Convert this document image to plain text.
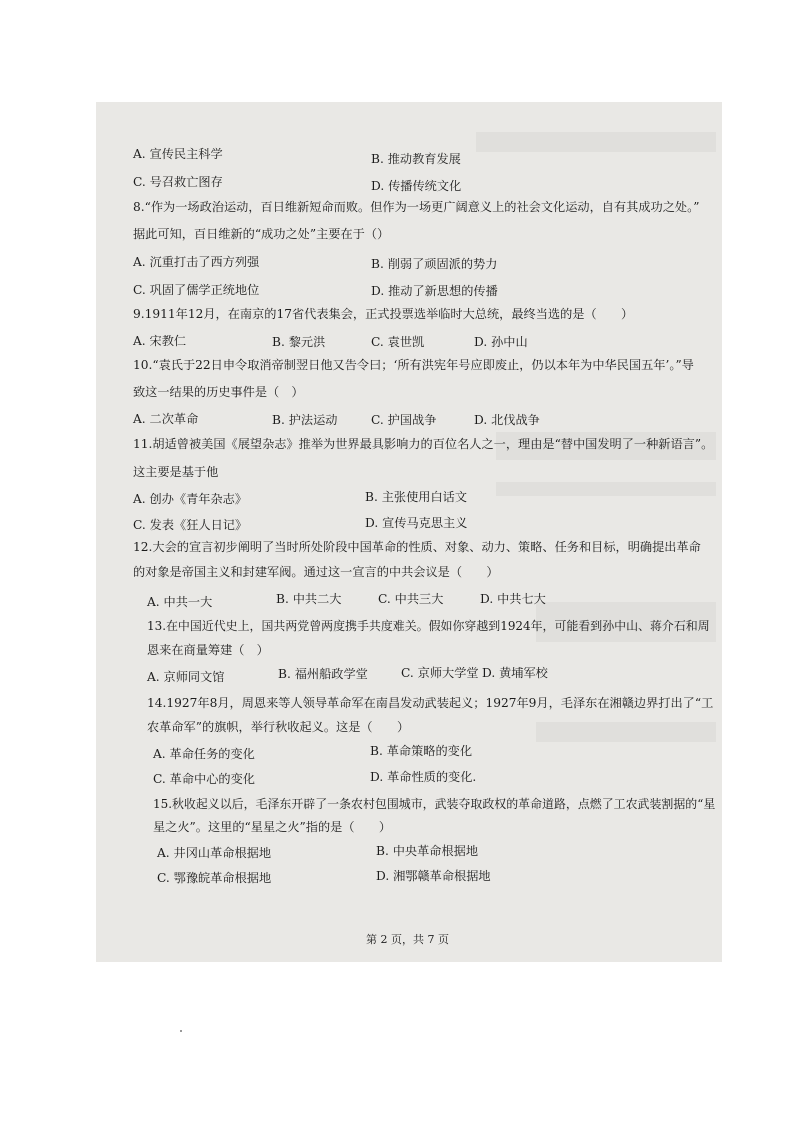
A. 宣传民主科学	B. 推动教育发展
C. 号召救亡图存	D. 传播传统文化
8.“作为一场政治运动，百日维新短命而败。但作为一场更广阔意义上的社会文化运动，自有其成功之处。”
据此可知，百日维新的“成功之处”主要在于（）
A. 沉重打击了西方列强	B. 削弱了顽固派的势力
C. 巩固了儒学正统地位	D. 推动了新思想的传播
9.1911年12月，在南京的17省代表集会，正式投票选举临时大总统，最终当选的是（　　）
A. 宋教仁	B. 黎元洪	C. 袁世凯	D. 孙中山
10.“袁氏于22日申令取消帝制翌日他又告令曰；‘所有洪宪年号应即废止，仍以本年为中华民国五年’。”导
致这一结果的历史事件是（　）
A. 二次革命	B. 护法运动	C. 护国战争	D. 北伐战争
11.胡适曾被美国《展望杂志》推举为世界最具影响力的百位名人之一，理由是“替中国发明了一种新语言”。
这主要是基于他
A. 创办《青年杂志》	B. 主张使用白话文
C. 发表《狂人日记》	D. 宣传马克思主义
12.大会的宣言初步阐明了当时所处阶段中国革命的性质、对象、动力、策略、任务和目标，明确提出革命
的对象是帝国主义和封建军阀。通过这一宣言的中共会议是（　　）
A. 中共一大	B. 中共二大	C. 中共三大	D. 中共七大
13.在中国近代史上，国共两党曾两度携手共度难关。假如你穿越到1924年，可能看到孙中山、蒋介石和周
恩来在商量筹建（　）
A. 京师同文馆	B. 福州船政学堂	C. 京师大学堂 D. 黄埔军校
14.1927年8月，周恩来等人领导革命军在南昌发动武装起义；1927年9月，毛泽东在湘赣边界打出了“工
农革命军”的旗帜，举行秋收起义。这是（　　）
A. 革命任务的变化	B. 革命策略的变化
C. 革命中心的变化	D. 革命性质的变化.
15.秋收起义以后，毛泽东开辟了一条农村包围城市，武装夺取政权的革命道路，点燃了工农武装割据的“星
星之火”。这里的“星星之火”指的是（　　）
A. 井冈山革命根据地	B. 中央革命根据地
C. 鄂豫皖革命根据地	D. 湘鄂赣革命根据地
第 2 页，共 7 页
